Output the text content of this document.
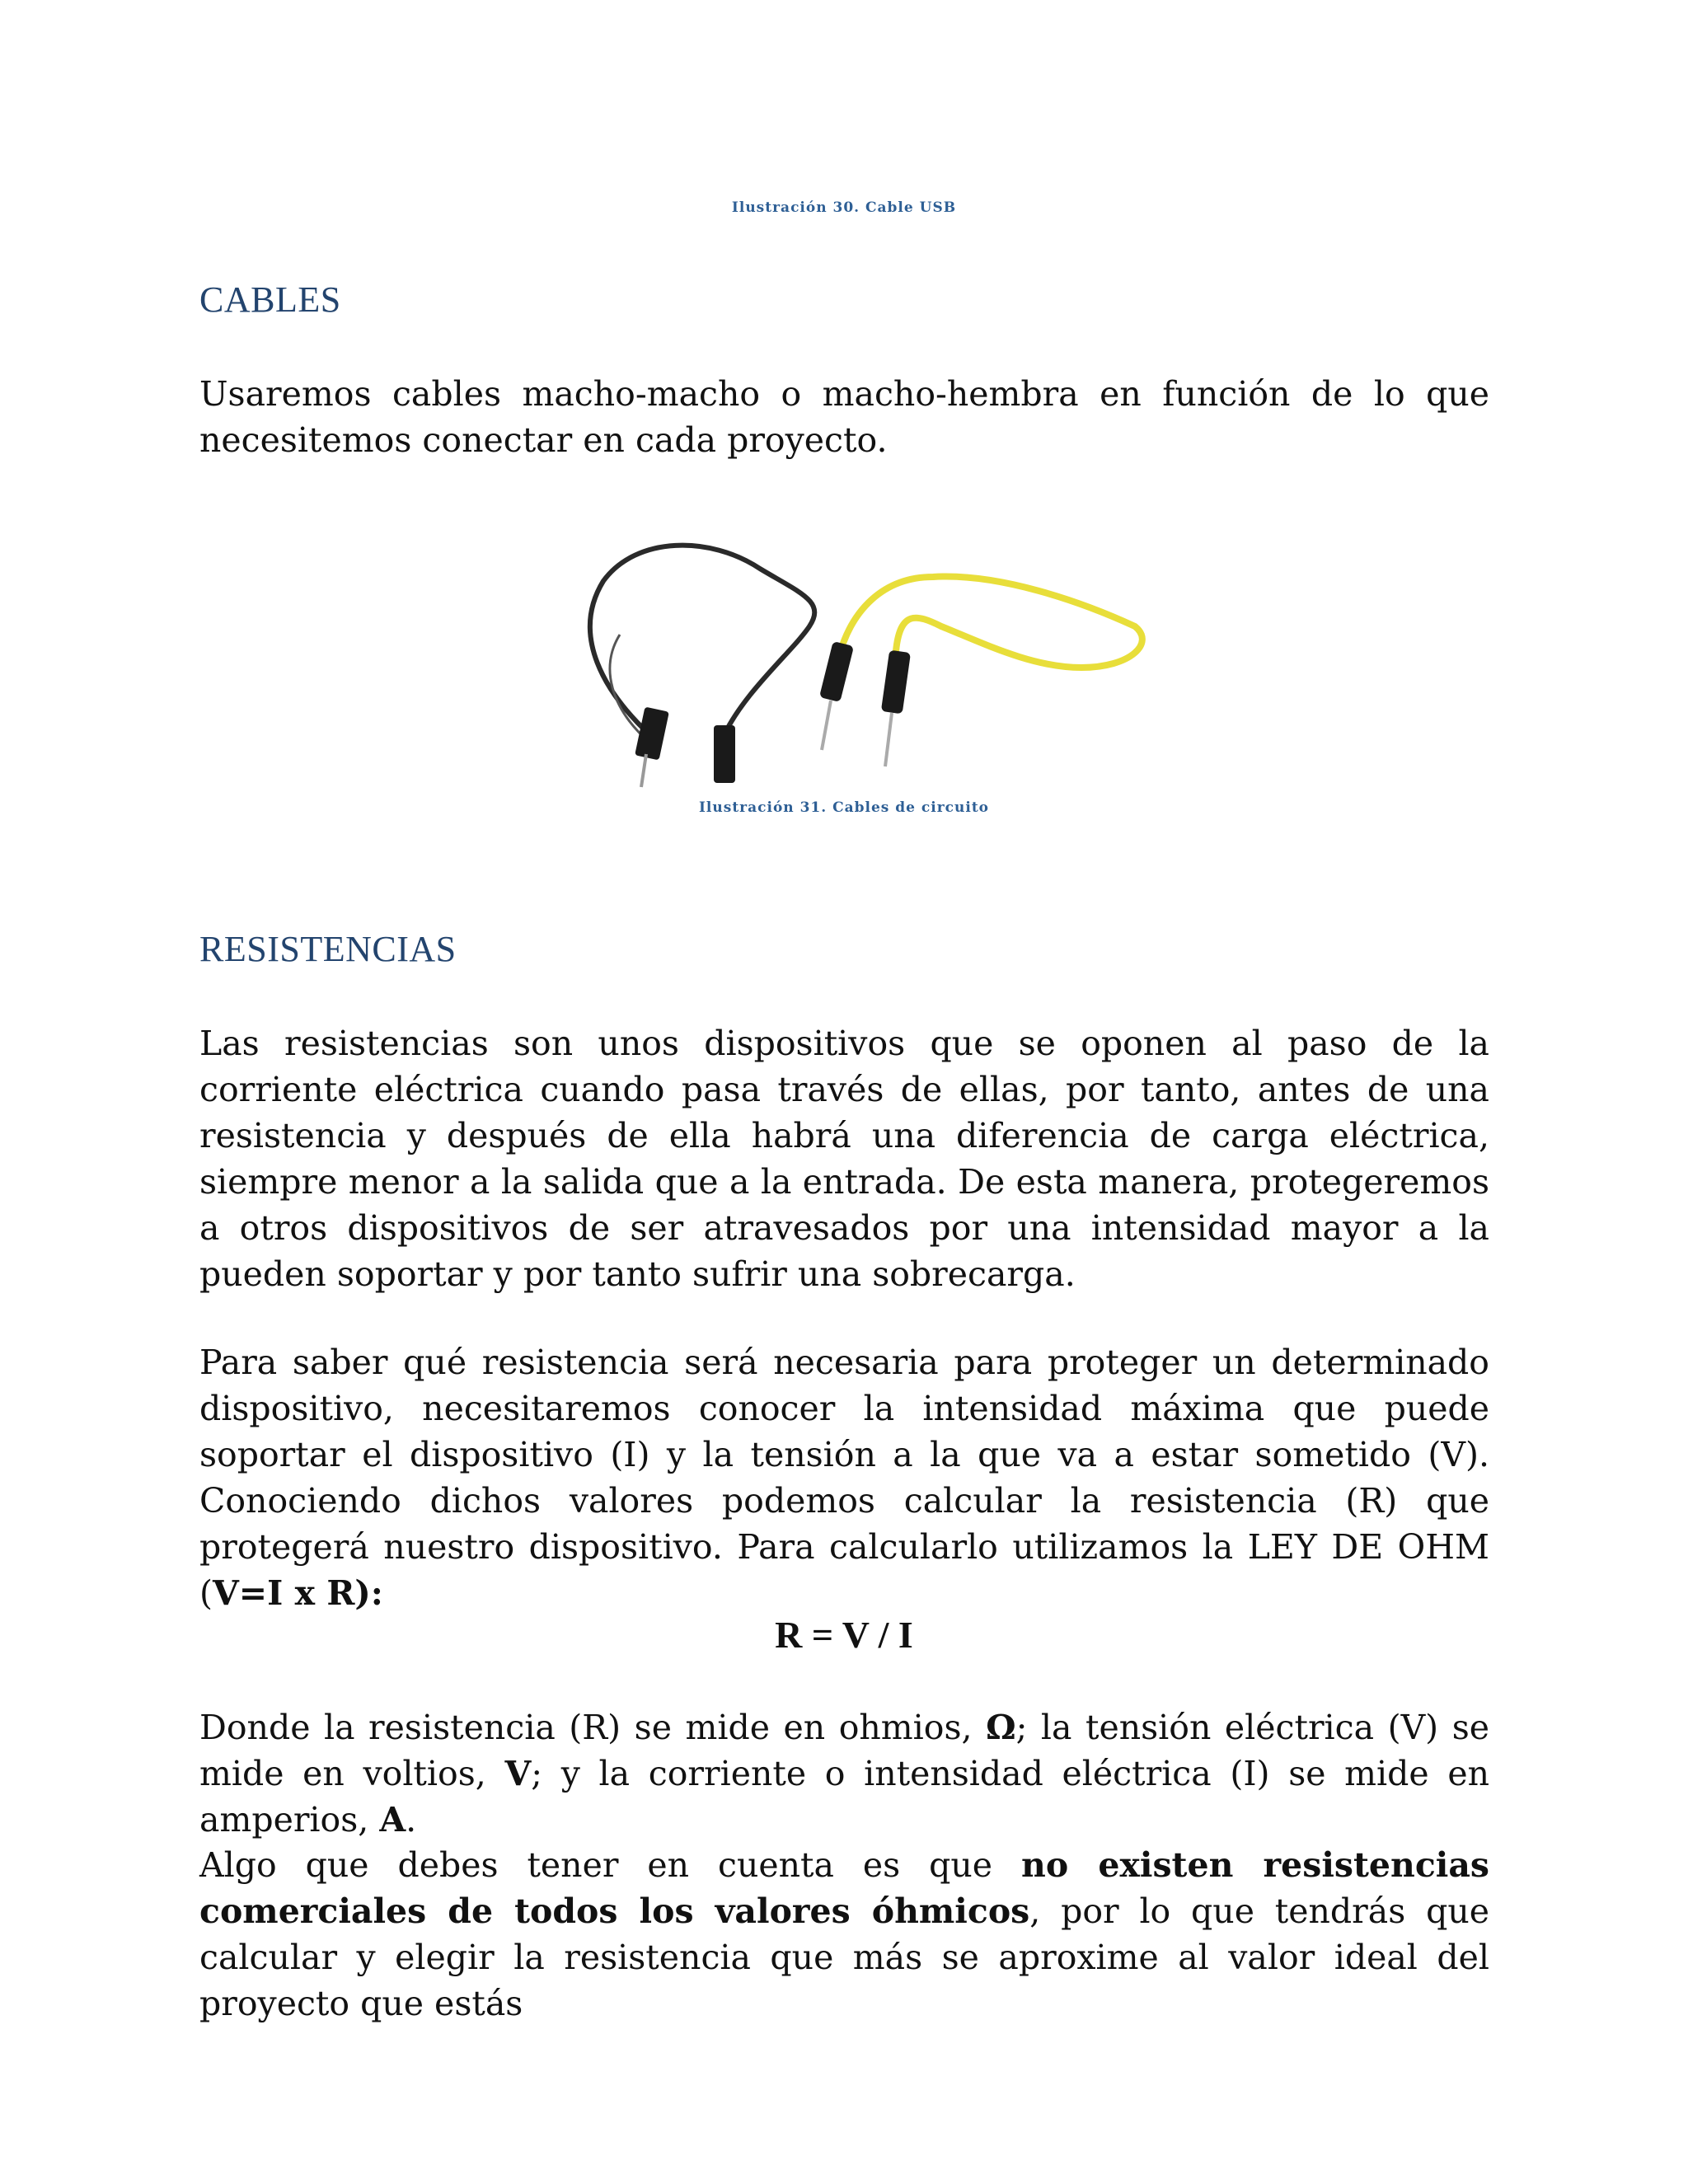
Ilustración 30. Cable USB
CABLES
Usaremos cables macho-macho o macho-hembra en función de lo que necesitemos conectar en cada proyecto.
Ilustración 31. Cables de circuito
RESISTENCIAS
Las resistencias son unos dispositivos que se oponen al paso de la corriente eléctrica cuando pasa través de ellas, por tanto, antes de una resistencia y después de ella habrá una diferencia de carga eléctrica, siempre menor a la salida que a la entrada. De esta manera, protegeremos a otros dispositivos de ser atravesados por una intensidad mayor a la pueden soportar y por tanto sufrir una sobrecarga.
Para saber qué resistencia será necesaria para proteger un determinado dispositivo, necesitaremos conocer la intensidad máxima que puede soportar el dispositivo (I) y la tensión a la que va a estar sometido (V). Conociendo dichos valores podemos calcular la resistencia (R) que protegerá nuestro dispositivo. Para calcularlo utilizamos la LEY DE OHM (V=I x R):
R = V / I
Donde la resistencia (R) se mide en ohmios, Ω; la tensión eléctrica (V) se mide en voltios, V; y la corriente o intensidad eléctrica (I) se mide en amperios, A.
Algo que debes tener en cuenta es que no existen resistencias comerciales de todos los valores óhmicos, por lo que tendrás que calcular y elegir la resistencia que más se aproxime al valor ideal del proyecto que estás
